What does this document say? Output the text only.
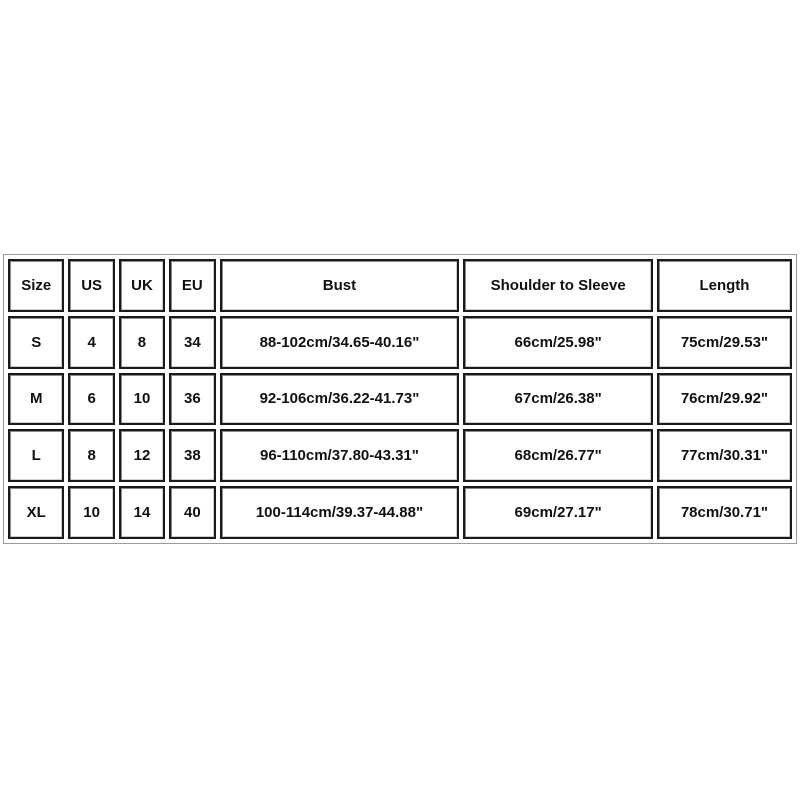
Size	US	UK	EU	Bust	Shoulder to Sleeve	Length
S	4	8	34	88-102cm/34.65-40.16"	66cm/25.98"	75cm/29.53"
M	6	10	36	92-106cm/36.22-41.73"	67cm/26.38"	76cm/29.92"
L	8	12	38	96-110cm/37.80-43.31"	68cm/26.77"	77cm/30.31"
XL	10	14	40	100-114cm/39.37-44.88"	69cm/27.17"	78cm/30.71"
